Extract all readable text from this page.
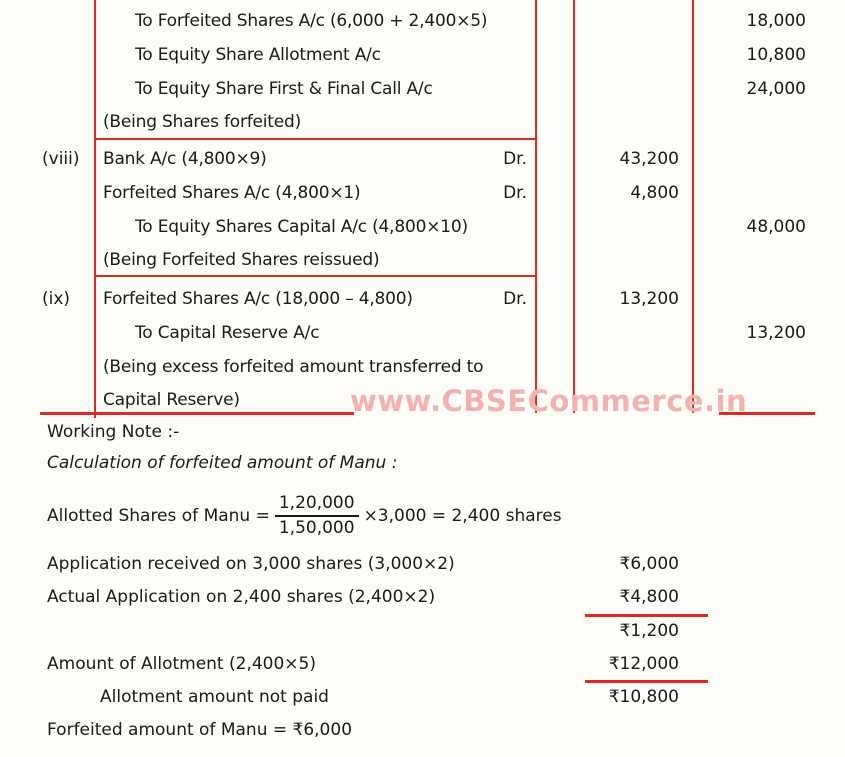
www.CBSECommerce.in
To Forfeited Shares A/c (6,000 + 2,400×5)	18,000
To Equity Share Allotment A/c	10,800
To Equity Share First & Final Call A/c	24,000
(Being Shares forfeited)
(viii) Bank A/c (4,800×9)	Dr.	43,200
Forfeited Shares A/c (4,800×1)	Dr.	4,800
To Equity Shares Capital A/c (4,800×10)	48,000
(Being Forfeited Shares reissued)
(ix) Forfeited Shares A/c (18,000 – 4,800)	Dr.	13,200
To Capital Reserve A/c	13,200
(Being excess forfeited amount transferred to
Capital Reserve)
Working Note :-
Calculation of forfeited amount of Manu :
Allotted Shares of Manu = $\frac{1,20,000}{1,50,000} \times 3,000 = 2,400$ shares
Application received on 3,000 shares (3,000×2)	₹6,000
Actual Application on 2,400 shares (2,400×2)	₹4,800
₹1,200
Amount of Allotment (2,400×5)	₹12,000
Allotment amount not paid	₹10,800
Forfeited amount of Manu = ₹6,000
